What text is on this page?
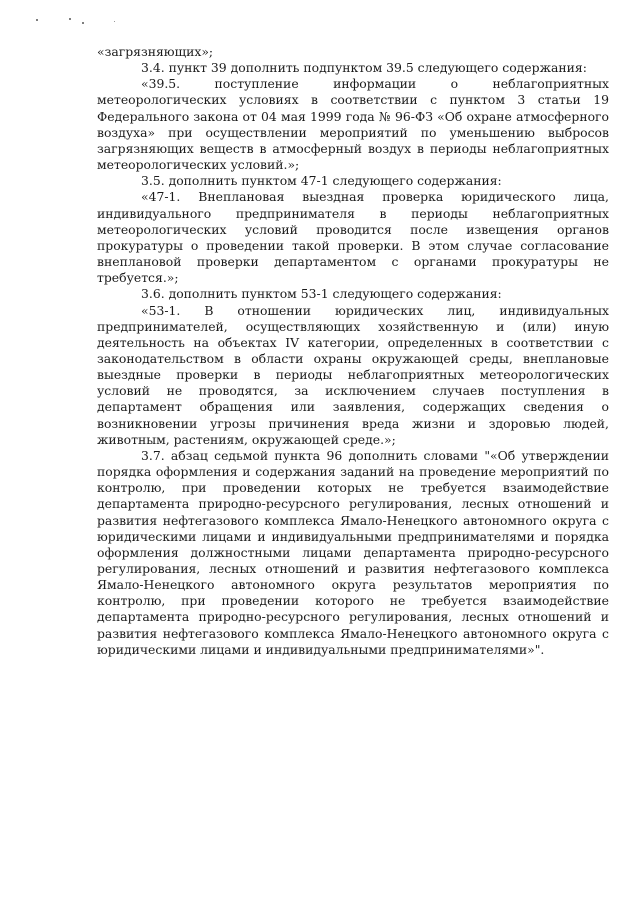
«загрязняющих»;

3.4. пункт 39 дополнить подпунктом 39.5 следующего содержания:

«39.5. поступление информации о неблагоприятных метеорологических условиях в соответствии с пунктом 3 статьи 19 Федерального закона от 04 мая 1999 года № 96-ФЗ «Об охране атмосферного воздуха» при осуществлении мероприятий по уменьшению выбросов загрязняющих веществ в атмосферный воздух в периоды неблагоприятных метеорологических условий.»;

3.5. дополнить пунктом 47-1 следующего содержания:

«47-1. Внеплановая выездная проверка юридического лица, индивидуального предпринимателя в периоды неблагоприятных метеорологических условий проводится после извещения органов прокуратуры о проведении такой проверки. В этом случае согласование внеплановой проверки департаментом с органами прокуратуры не требуется.»;

3.6. дополнить пунктом 53-1 следующего содержания:

«53-1. В отношении юридических лиц, индивидуальных предпринимателей, осуществляющих хозяйственную и (или) иную деятельность на объектах IV категории, определенных в соответствии с законодательством в области охраны окружающей среды, внеплановые выездные проверки в периоды неблагоприятных метеорологических условий не проводятся, за исключением случаев поступления в департамент обращения или заявления, содержащих сведения о возникновении угрозы причинения вреда жизни и здоровью людей, животным, растениям, окружающей среде.»;

3.7. абзац седьмой пункта 96 дополнить словами "«Об утверждении порядка оформления и содержания заданий на проведение мероприятий по контролю, при проведении которых не требуется взаимодействие департамента природно-ресурсного регулирования, лесных отношений и развития нефтегазового комплекса Ямало-Ненецкого автономного округа с юридическими лицами и индивидуальными предпринимателями и порядка оформления должностными лицами департамента природно-ресурсного регулирования, лесных отношений и развития нефтегазового комплекса Ямало-Ненецкого автономного округа результатов мероприятия по контролю, при проведении которого не требуется взаимодействие департамента природно-ресурсного регулирования, лесных отношений и развития нефтегазового комплекса Ямало-Ненецкого автономного округа с юридическими лицами и индивидуальными предпринимателями»".
